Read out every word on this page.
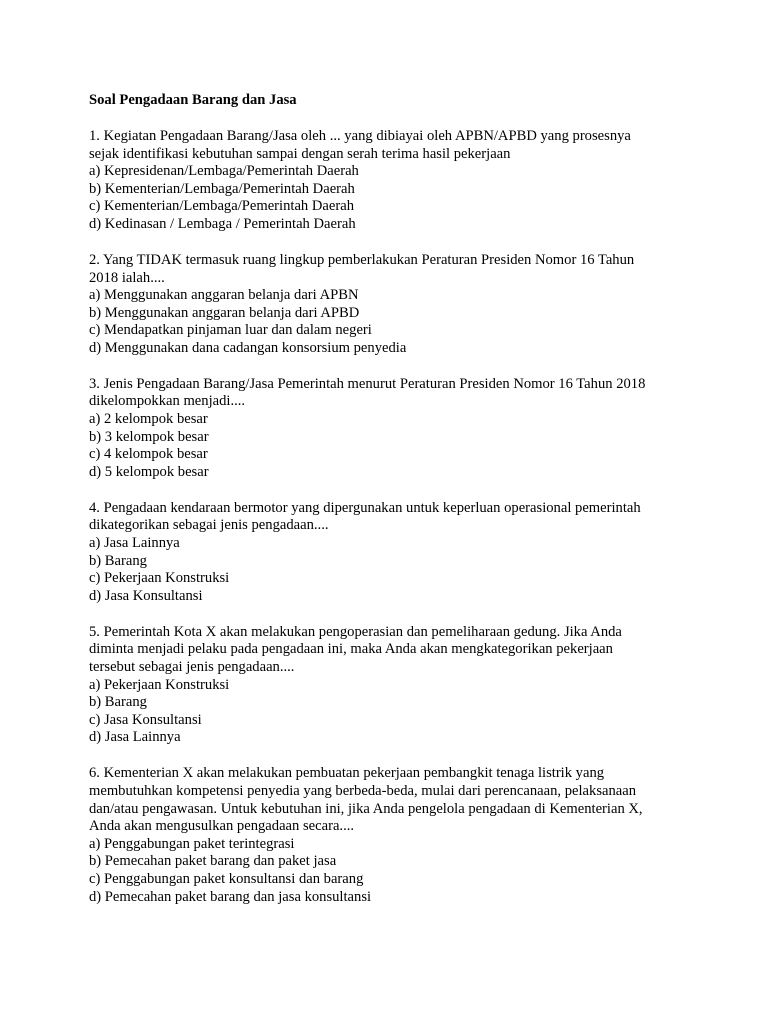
Soal Pengadaan Barang dan Jasa
1. Kegiatan Pengadaan Barang/Jasa oleh ... yang dibiayai oleh APBN/APBD yang prosesnya
sejak identifikasi kebutuhan sampai dengan serah terima hasil pekerjaan
a) Kepresidenan/Lembaga/Pemerintah Daerah
b) Kementerian/Lembaga/Pemerintah Daerah
c) Kementerian/Lembaga/Pemerintah Daerah
d) Kedinasan / Lembaga / Pemerintah Daerah
2. Yang TIDAK termasuk ruang lingkup pemberlakukan Peraturan Presiden Nomor 16 Tahun
2018 ialah....
a) Menggunakan anggaran belanja dari APBN
b) Menggunakan anggaran belanja dari APBD
c) Mendapatkan pinjaman luar dan dalam negeri
d) Menggunakan dana cadangan konsorsium penyedia
3. Jenis Pengadaan Barang/Jasa Pemerintah menurut Peraturan Presiden Nomor 16 Tahun 2018
dikelompokkan menjadi....
a) 2 kelompok besar
b) 3 kelompok besar
c) 4 kelompok besar
d) 5 kelompok besar
4. Pengadaan kendaraan bermotor yang dipergunakan untuk keperluan operasional pemerintah
dikategorikan sebagai jenis pengadaan....
a) Jasa Lainnya
b) Barang
c) Pekerjaan Konstruksi
d) Jasa Konsultansi
5. Pemerintah Kota X akan melakukan pengoperasian dan pemeliharaan gedung. Jika Anda
diminta menjadi pelaku pada pengadaan ini, maka Anda akan mengkategorikan pekerjaan
tersebut sebagai jenis pengadaan....
a) Pekerjaan Konstruksi
b) Barang
c) Jasa Konsultansi
d) Jasa Lainnya
6. Kementerian X akan melakukan pembuatan pekerjaan pembangkit tenaga listrik yang
membutuhkan kompetensi penyedia yang berbeda-beda, mulai dari perencanaan, pelaksanaan
dan/atau pengawasan. Untuk kebutuhan ini, jika Anda pengelola pengadaan di Kementerian X,
Anda akan mengusulkan pengadaan secara....
a) Penggabungan paket terintegrasi
b) Pemecahan paket barang dan paket jasa
c) Penggabungan paket konsultansi dan barang
d) Pemecahan paket barang dan jasa konsultansi
